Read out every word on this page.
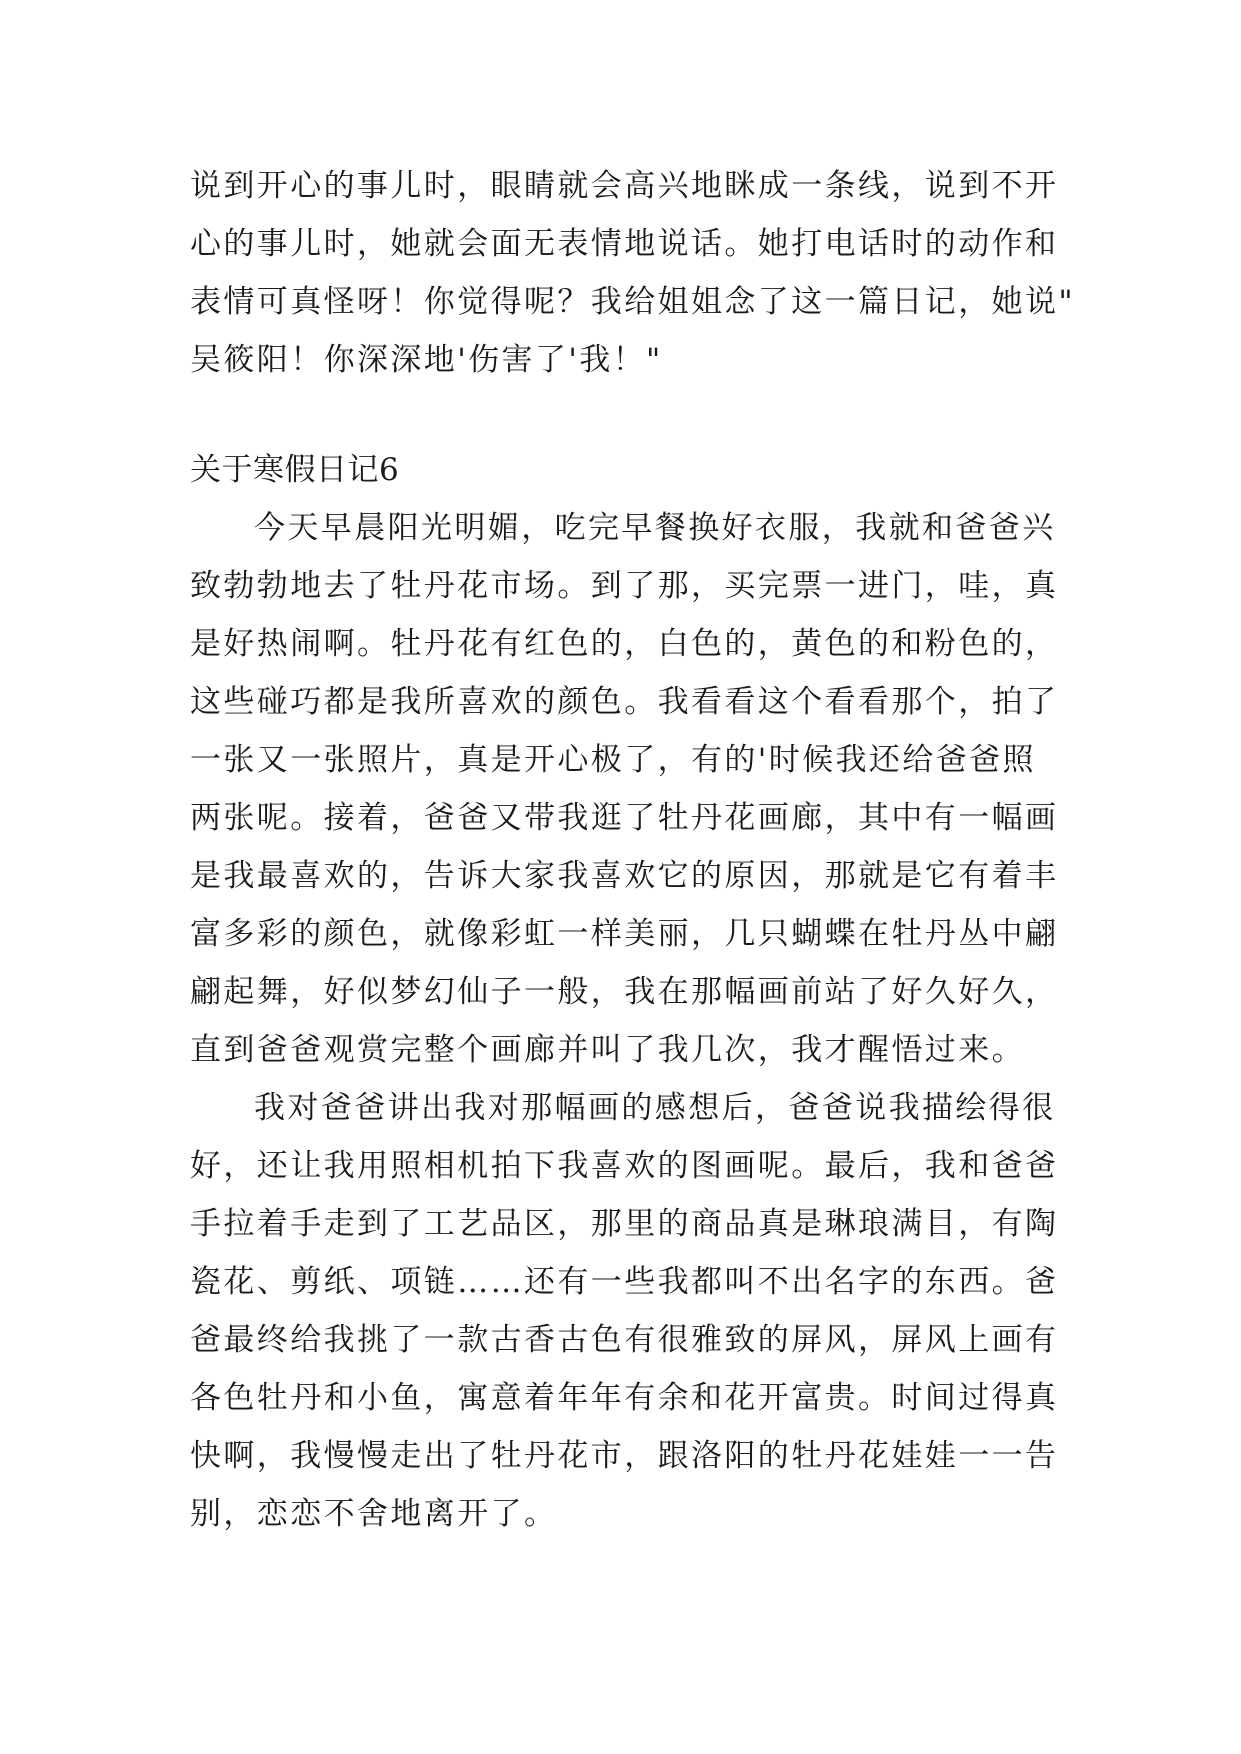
说到开心的事儿时，眼睛就会高兴地眯成一条线，说到不开

心的事儿时，她就会面无表情地说话。她打电话时的动作和

表情可真怪呀！你觉得呢？我给姐姐念了这一篇日记，她说"

吴筱阳！你深深地'伤害了'我！"

关于寒假日记6

今天早晨阳光明媚，吃完早餐换好衣服，我就和爸爸兴

致勃勃地去了牡丹花市场。到了那，买完票一进门，哇，真

是好热闹啊。牡丹花有红色的，白色的，黄色的和粉色的，

这些碰巧都是我所喜欢的颜色。我看看这个看看那个，拍了

一张又一张照片，真是开心极了，有的'时候我还给爸爸照

两张呢。接着，爸爸又带我逛了牡丹花画廊，其中有一幅画

是我最喜欢的，告诉大家我喜欢它的原因，那就是它有着丰

富多彩的颜色，就像彩虹一样美丽，几只蝴蝶在牡丹丛中翩

翩起舞，好似梦幻仙子一般，我在那幅画前站了好久好久，

直到爸爸观赏完整个画廊并叫了我几次，我才醒悟过来。

我对爸爸讲出我对那幅画的感想后，爸爸说我描绘得很

好，还让我用照相机拍下我喜欢的图画呢。最后，我和爸爸

手拉着手走到了工艺品区，那里的商品真是琳琅满目，有陶

瓷花、剪纸、项链……还有一些我都叫不出名字的东西。爸

爸最终给我挑了一款古香古色有很雅致的屏风，屏风上画有

各色牡丹和小鱼，寓意着年年有余和花开富贵。时间过得真

快啊，我慢慢走出了牡丹花市，跟洛阳的牡丹花娃娃一一告

别，恋恋不舍地离开了。
